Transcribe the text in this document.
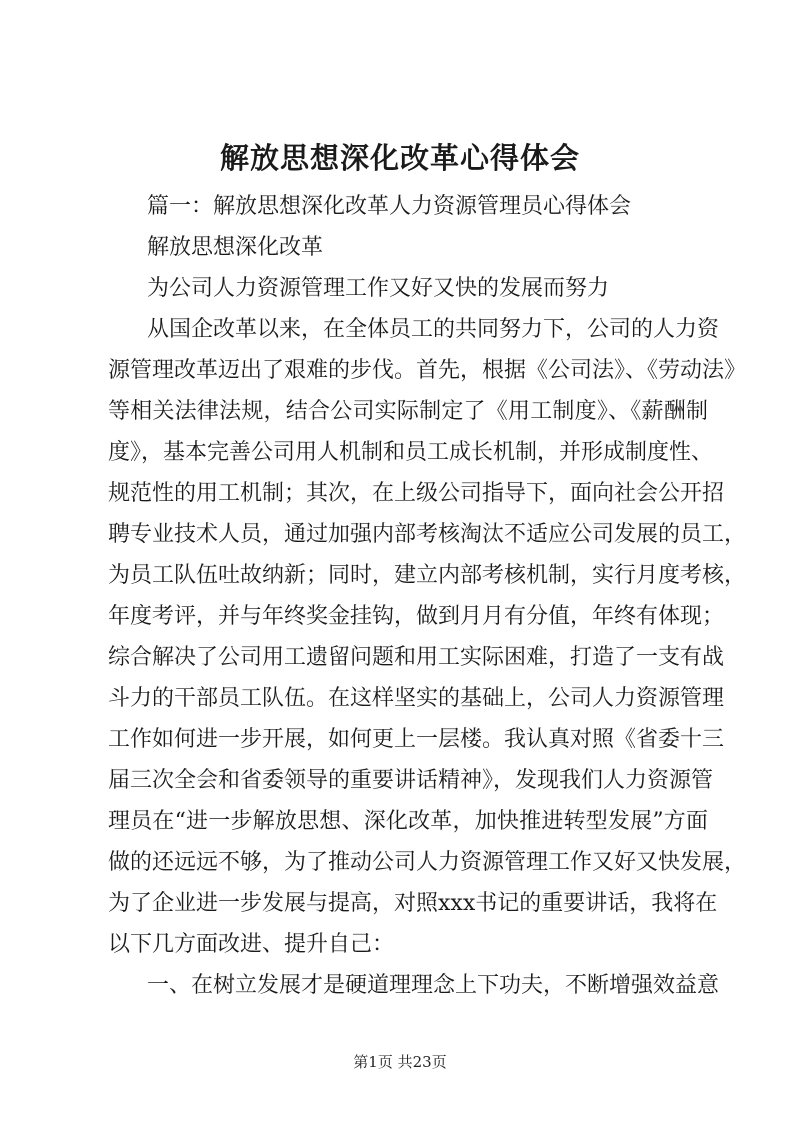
解放思想深化改革心得体会
篇一：解放思想深化改革人力资源管理员心得体会
解放思想深化改革
为公司人力资源管理工作又好又快的发展而努力
从国企改革以来，在全体员工的共同努力下，公司的人力资
源管理改革迈出了艰难的步伐。首先，根据《公司法》、《劳动法》
等相关法律法规，结合公司实际制定了《用工制度》、《薪酬制
度》，基本完善公司用人机制和员工成长机制，并形成制度性、
规范性的用工机制；其次，在上级公司指导下，面向社会公开招
聘专业技术人员，通过加强内部考核淘汰不适应公司发展的员工，
为员工队伍吐故纳新；同时，建立内部考核机制，实行月度考核，
年度考评，并与年终奖金挂钩，做到月月有分值，年终有体现；
综合解决了公司用工遗留问题和用工实际困难，打造了一支有战
斗力的干部员工队伍。在这样坚实的基础上，公司人力资源管理
工作如何进一步开展，如何更上一层楼。我认真对照《省委十三
届三次全会和省委领导的重要讲话精神》，发现我们人力资源管
理员在“进一步解放思想、深化改革，加快推进转型发展”方面
做的还远远不够，为了推动公司人力资源管理工作又好又快发展，
为了企业进一步发展与提高，对照xxx书记的重要讲话，我将在
以下几方面改进、提升自己：
一、在树立发展才是硬道理理念上下功夫，不断增强效益意
第1页 共23页
